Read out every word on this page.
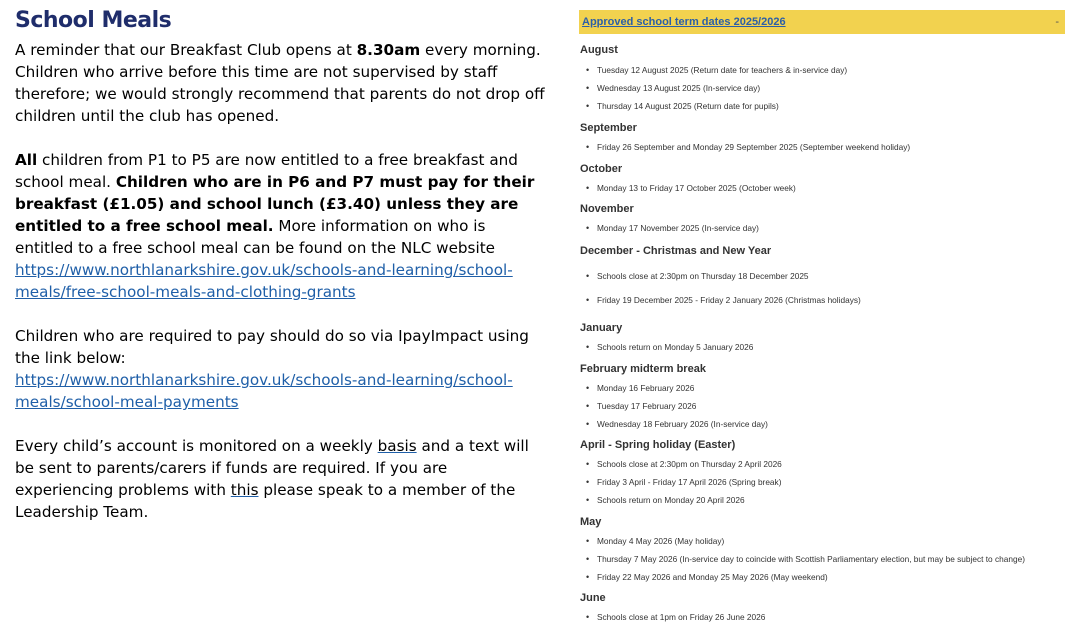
School Meals

A reminder that our Breakfast Club opens at 8.30am every morning. Children who arrive before this time are not supervised by staff therefore; we would strongly recommend that parents do not drop off children until the club has opened.

All children from P1 to P5 are now entitled to a free breakfast and school meal. Children who are in P6 and P7 must pay for their breakfast (£1.05) and school lunch (£3.40) unless they are entitled to a free school meal. More information on who is entitled to a free school meal can be found on the NLC website
https://www.northlanarkshire.gov.uk/schools-and-learning/school-meals/free-school-meals-and-clothing-grants

Children who are required to pay should do so via IpayImpact using the link below:
https://www.northlanarkshire.gov.uk/schools-and-learning/school-meals/school-meal-payments

Every child’s account is monitored on a weekly basis and a text will be sent to parents/carers if funds are required. If you are experiencing problems with this please speak to a member of the Leadership Team.

Approved school term dates 2025/2026	-
August
• Tuesday 12 August 2025 (Return date for teachers & in-service day)
• Wednesday 13 August 2025 (In-service day)
• Thursday 14 August 2025 (Return date for pupils)
September
• Friday 26 September and Monday 29 September 2025 (September weekend holiday)
October
• Monday 13 to Friday 17 October 2025 (October week)
November
• Monday 17 November 2025 (In-service day)
December - Christmas and New Year
• Schools close at 2:30pm on Thursday 18 December 2025
• Friday 19 December 2025 - Friday 2 January 2026 (Christmas holidays)
January
• Schools return on Monday 5 January 2026
February midterm break
• Monday 16 February 2026
• Tuesday 17 February 2026
• Wednesday 18 February 2026 (In-service day)
April - Spring holiday (Easter)
• Schools close at 2:30pm on Thursday 2 April 2026
• Friday 3 April - Friday 17 April 2026 (Spring break)
• Schools return on Monday 20 April 2026
May
• Monday 4 May 2026 (May holiday)
• Thursday 7 May 2026 (In-service day to coincide with Scottish Parliamentary election, but may be subject to change)
• Friday 22 May 2026 and Monday 25 May 2026 (May weekend)
June
• Schools close at 1pm on Friday 26 June 2026
